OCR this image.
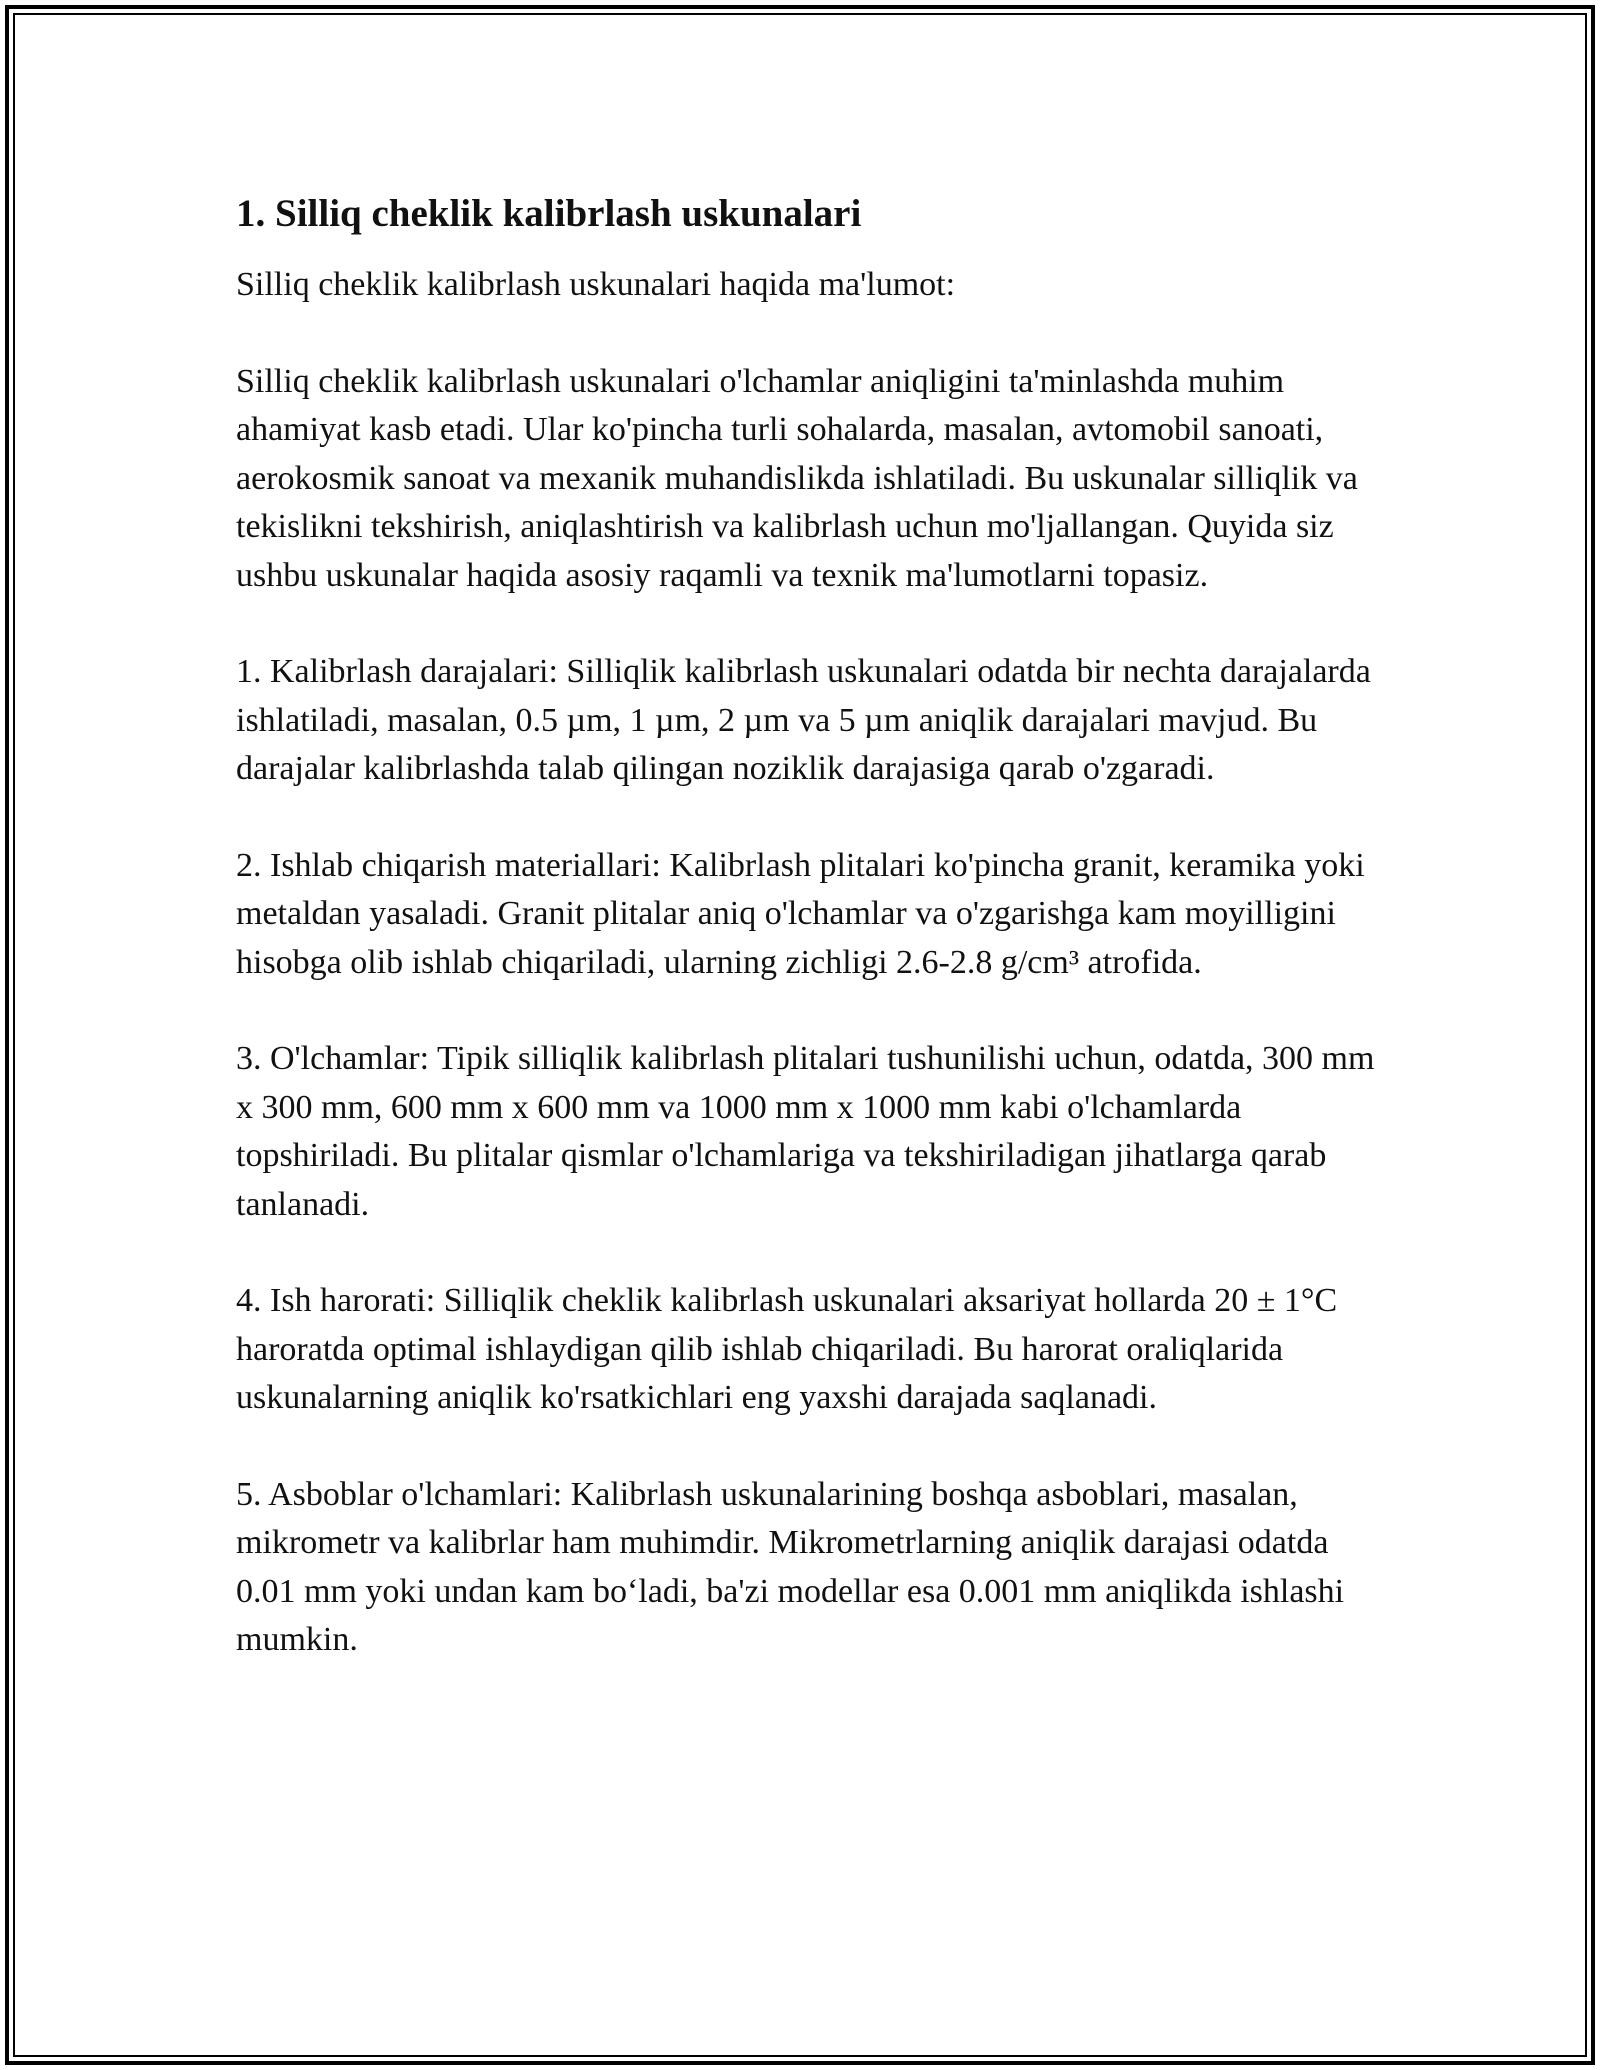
1. Silliq cheklik kalibrlash uskunalari

Silliq cheklik kalibrlash uskunalari haqida ma'lumot:

Silliq cheklik kalibrlash uskunalari o'lchamlar aniqligini ta'minlashda muhim ahamiyat kasb etadi. Ular ko'pincha turli sohalarda, masalan, avtomobil sanoati, aerokosmik sanoat va mexanik muhandislikda ishlatiladi. Bu uskunalar silliqlik va tekislikni tekshirish, aniqlashtirish va kalibrlash uchun mo'ljallangan. Quyida siz ushbu uskunalar haqida asosiy raqamli va texnik ma'lumotlarni topasiz.

1. Kalibrlash darajalari: Silliqlik kalibrlash uskunalari odatda bir nechta darajalarda ishlatiladi, masalan, 0.5 µm, 1 µm, 2 µm va 5 µm aniqlik darajalari mavjud. Bu darajalar kalibrlashda talab qilingan noziklik darajasiga qarab o'zgaradi.

2. Ishlab chiqarish materiallari: Kalibrlash plitalari ko'pincha granit, keramika yoki metaldan yasaladi. Granit plitalar aniq o'lchamlar va o'zgarishga kam moyilligini hisobga olib ishlab chiqariladi, ularning zichligi 2.6-2.8 g/cm³ atrofida.

3. O'lchamlar: Tipik silliqlik kalibrlash plitalari tushunilishi uchun, odatda, 300 mm x 300 mm, 600 mm x 600 mm va 1000 mm x 1000 mm kabi o'lchamlarda topshiriladi. Bu plitalar qismlar o'lchamlariga va tekshiriladigan jihatlarga qarab tanlanadi.

4. Ish harorati: Silliqlik cheklik kalibrlash uskunalari aksariyat hollarda 20 ± 1°C haroratda optimal ishlaydigan qilib ishlab chiqariladi. Bu harorat oraliqlarida uskunalarning aniqlik ko'rsatkichlari eng yaxshi darajada saqlanadi.

5. Asboblar o'lchamlari: Kalibrlash uskunalarining boshqa asboblari, masalan, mikrometr va kalibrlar ham muhimdir. Mikrometrlarning aniqlik darajasi odatda 0.01 mm yoki undan kam bo‘ladi, ba'zi modellar esa 0.001 mm aniqlikda ishlashi mumkin.
